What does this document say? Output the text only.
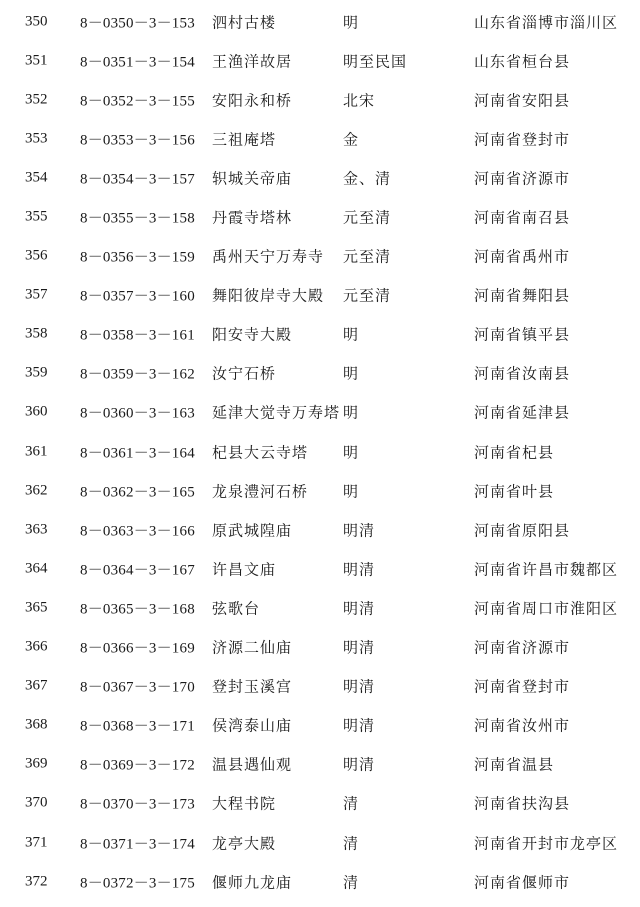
350 8－0350－3－153 泗村古楼	明	山东省淄博市淄川区
351 8－0351－3－154 王渔洋故居	明至民国	山东省桓台县
352 8－0352－3－155 安阳永和桥	北宋	河南省安阳县
353 8－0353－3－156 三祖庵塔	金	河南省登封市
354 8－0354－3－157 轵城关帝庙	金、清	河南省济源市
355 8－0355－3－158 丹霞寺塔林	元至清	河南省南召县
356 8－0356－3－159 禹州天宁万寿寺 元至清	河南省禹州市
357 8－0357－3－160 舞阳彼岸寺大殿 元至清	河南省舞阳县
358 8－0358－3－161 阳安寺大殿	明	河南省镇平县
359 8－0359－3－162 汝宁石桥	明	河南省汝南县
360 8－0360－3－163 延津大觉寺万寿塔 明	河南省延津县
361 8－0361－3－164 杞县大云寺塔 明	河南省杞县
362 8－0362－3－165 龙泉澧河石桥 明	河南省叶县
363 8－0363－3－166 原武城隍庙	明清	河南省原阳县
364 8－0364－3－167 许昌文庙	明清	河南省许昌市魏都区
365 8－0365－3－168 弦歌台	明清	河南省周口市淮阳区
366 8－0366－3－169 济源二仙庙	明清	河南省济源市
367 8－0367－3－170 登封玉溪宫	明清	河南省登封市
368 8－0368－3－171 侯湾泰山庙	明清	河南省汝州市
369 8－0369－3－172 温县遇仙观	明清	河南省温县
370 8－0370－3－173 大程书院	清	河南省扶沟县
371 8－0371－3－174 龙亭大殿	清	河南省开封市龙亭区
372 8－0372－3－175 偃师九龙庙	清	河南省偃师市
